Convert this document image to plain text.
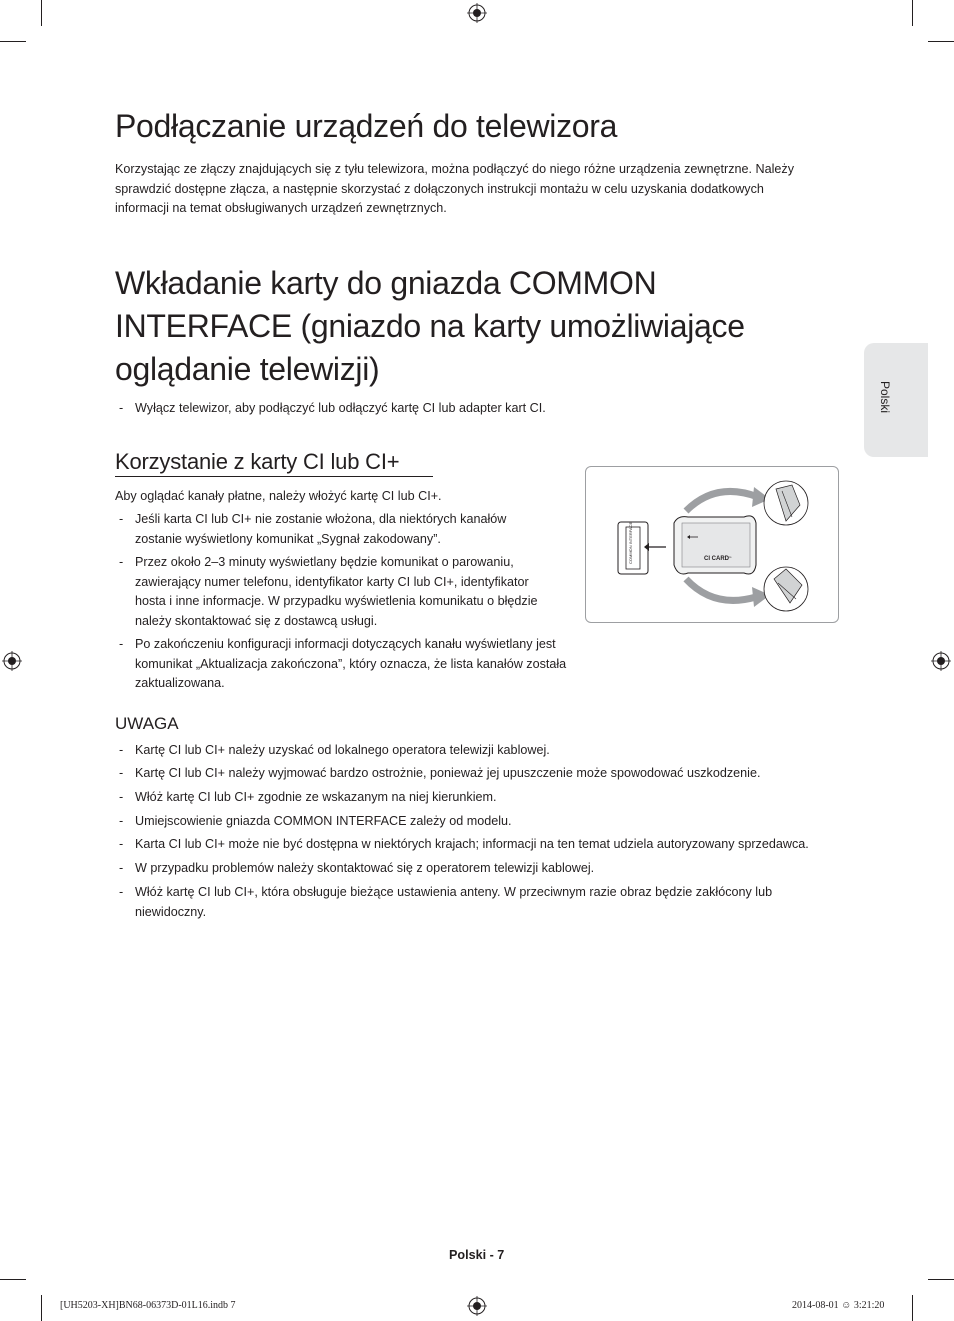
Polski
Podłączanie urządzeń do telewizora

Korzystając ze złączy znajdujących się z tyłu telewizora, można podłączyć do niego różne urządzenia zewnętrzne. Należy sprawdzić dostępne złącza, a następnie skorzystać z dołączonych instrukcji montażu w celu uzyskania dodatkowych informacji na temat obsługiwanych urządzeń zewnętrznych.

Wkładanie karty do gniazda COMMON INTERFACE (gniazdo na karty umożliwiające oglądanie telewizji)
- Wyłącz telewizor, aby podłączyć lub odłączyć kartę CI lub adapter kart CI.

Korzystanie z karty CI lub CI+

Aby oglądać kanały płatne, należy włożyć kartę CI lub CI+.

- Jeśli karta CI lub CI+ nie zostanie włożona, dla niektórych kanałów zostanie wyświetlony komunikat „Sygnał zakodowany”.

- Przez około 2–3 minuty wyświetlany będzie komunikat o parowaniu, zawierający numer telefonu, identyfikator karty CI lub CI+, identyfikator hosta i inne informacje. W przypadku wyświetlenia komunikatu o błędzie należy skontaktować się z dostawcą usługi.

- Po zakończeniu konfiguracji informacji dotyczących kanału wyświetlany jest komunikat „Aktualizacja zakończona”, który oznacza, że lista kanałów została zaktualizowana.

COMMON INTERFACE	CI CARD tm
UWAGA
- Kartę CI lub CI+ należy uzyskać od lokalnego operatora telewizji kablowej.

- Kartę CI lub CI+ należy wyjmować bardzo ostrożnie, ponieważ jej upuszczenie może spowodować uszkodzenie.

- Włóż kartę CI lub CI+ zgodnie ze wskazanym na niej kierunkiem.

- Umiejscowienie gniazda COMMON INTERFACE zależy od modelu.

- Karta CI lub CI+ może nie być dostępna w niektórych krajach; informacji na ten temat udziela autoryzowany sprzedawca.

- W przypadku problemów należy skontaktować się z operatorem telewizji kablowej.

- Włóż kartę CI lub CI+, która obsługuje bieżące ustawienia anteny. W przeciwnym razie obraz będzie zakłócony lub niewidoczny.

Polski - 7
[UH5203-XH]BN68-06373D-01L16.indb 7	2014-08-01 ☺ 3:21:20
